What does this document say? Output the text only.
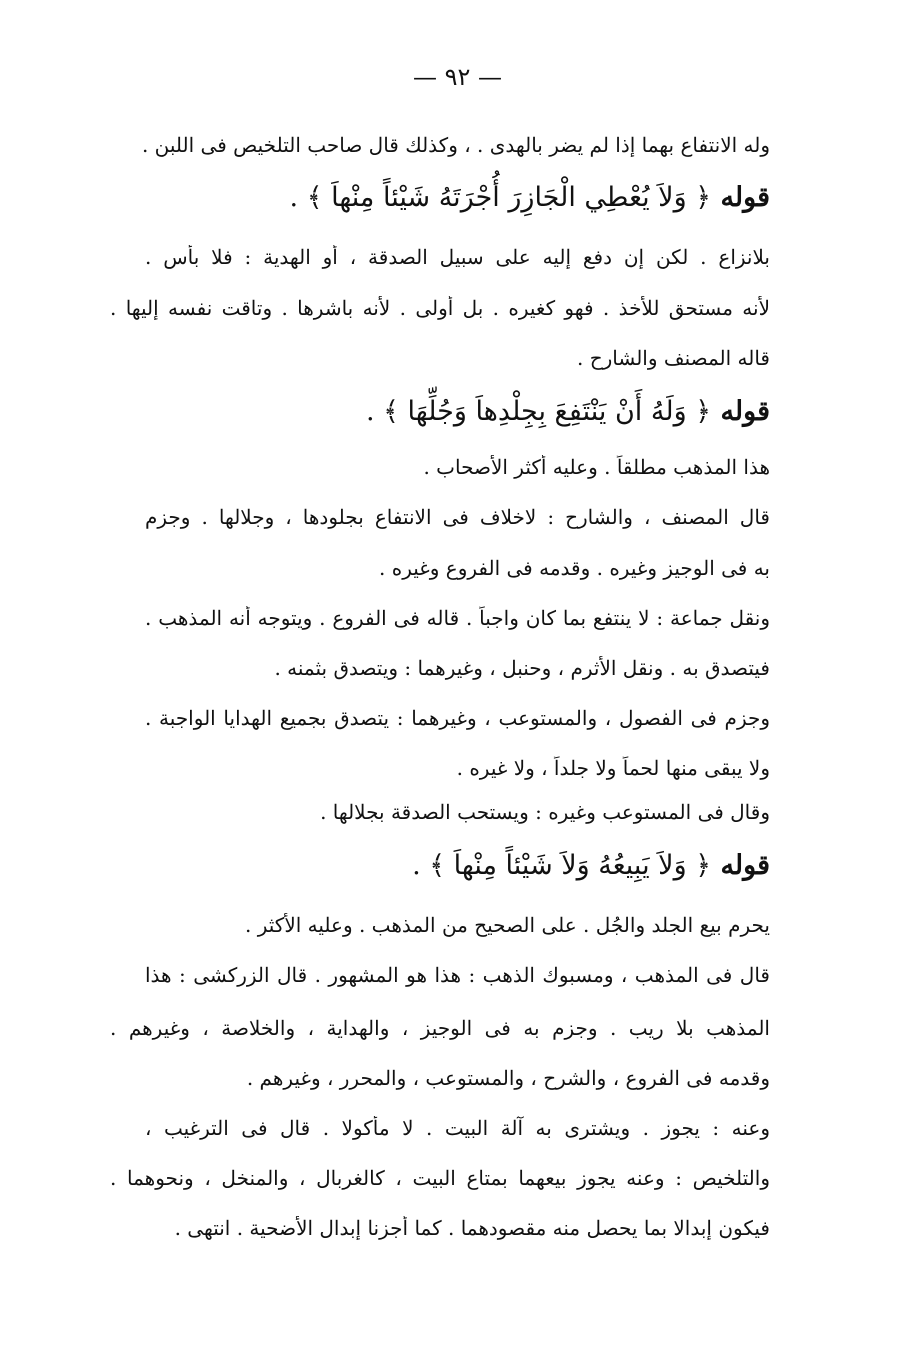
— ٩٢ —
وله الانتفاع بهما إذا لم يضر بالهدى . ، وكذلك قال صاحب التلخيص فى اللبن .
قوله ﴿ وَلاَ يُعْطِي الْجَازِرَ أُجْرَتَهُ شَيْئاً مِنْهاَ ﴾ .
بلانزاع . لكن إن دفع إليه على سبيل الصدقة ، أو الهدية : فلا بأس .
لأنه مستحق للأخذ . فهو كغيره . بل أولى . لأنه باشرها . وتاقت نفسه إليها .
قاله المصنف والشارح .
قوله ﴿ وَلَهُ أَنْ يَنْتَفِعَ بِجِلْدِهاَ وَجُلِّهَا ﴾ .
هذا المذهب مطلقاً . وعليه أكثر الأصحاب .
قال المصنف ، والشارح : لاخلاف فى الانتفاع بجلودها ، وجلالها . وجزم
به فى الوجيز وغيره . وقدمه فى الفروع وغيره .
ونقل جماعة : لا ينتفع بما كان واجباً . قاله فى الفروع . ويتوجه أنه المذهب .
فيتصدق به . ونقل الأثرم ، وحنبل ، وغيرهما : ويتصدق بثمنه .
وجزم فى الفصول ، والمستوعب ، وغيرهما : يتصدق بجميع الهدايا الواجبة .
ولا يبقى منها لحماً ولا جلداً ، ولا غيره .
وقال فى المستوعب وغيره : ويستحب الصدقة بجلالها .
قوله ﴿ وَلاَ يَبِيعُهُ وَلاَ شَيْئاً مِنْهاَ ﴾ .
يحرم بيع الجلد والجُل . على الصحيح من المذهب . وعليه الأكثر .
قال فى المذهب ، ومسبوك الذهب : هذا هو المشهور . قال الزركشى : هذا
المذهب بلا ريب . وجزم به فى الوجيز ، والهداية ، والخلاصة ، وغيرهم .
وقدمه فى الفروع ، والشرح ، والمستوعب ، والمحرر ، وغيرهم .
وعنه : يجوز . ويشترى به آلة البيت . لا مأكولا . قال فى الترغيب ،
والتلخيص : وعنه يجوز بيعهما بمتاع البيت ، كالغربال ، والمنخل ، ونحوهما .
فيكون إبدالا بما يحصل منه مقصودهما . كما أجزنا إبدال الأضحية . انتهى .
